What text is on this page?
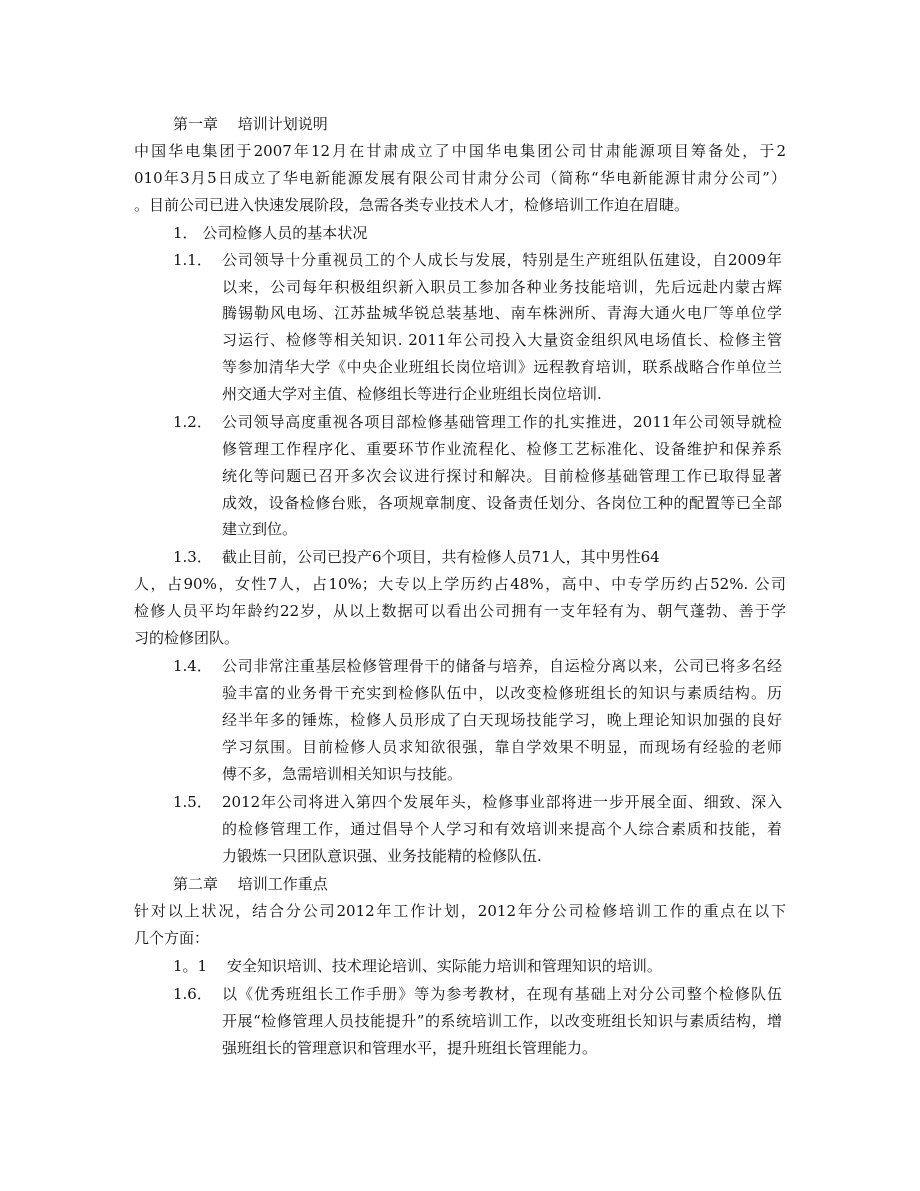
第一章　 培训计划说明
中国华电集团于2007年12月在甘肃成立了中国华电集团公司甘肃能源项目筹备处，于2
010年3月5日成立了华电新能源发展有限公司甘肃分公司（简称“华电新能源甘肃分公司”）
。目前公司已进入快速发展阶段，急需各类专业技术人才，检修培训工作迫在眉睫。
1． 公司检修人员的基本状况
1.1． 公司领导十分重视员工的个人成长与发展，特别是生产班组队伍建设，自2009年
以来，公司每年积极组织新入职员工参加各种业务技能培训，先后远赴内蒙古辉
腾锡勒风电场、江苏盐城华锐总装基地、南车株洲所、青海大通火电厂等单位学
习运行、检修等相关知识. 2011年公司投入大量资金组织风电场值长、检修主管
等参加清华大学《中央企业班组长岗位培训》远程教育培训，联系战略合作单位兰
州交通大学对主值、检修组长等进行企业班组长岗位培训.
1.2． 公司领导高度重视各项目部检修基础管理工作的扎实推进，2011年公司领导就检
修管理工作程序化、重要环节作业流程化、检修工艺标准化、设备维护和保养系
统化等问题已召开多次会议进行探讨和解决。目前检修基础管理工作已取得显著
成效，设备检修台账，各项规章制度、设备责任划分、各岗位工种的配置等已全部
建立到位。
1.3． 截止目前，公司已投产6个项目，共有检修人员71人，其中男性64
人，占90%，女性7人，占10%；大专以上学历约占48%，高中、中专学历约占52%. 公司
检修人员平均年龄约22岁，从以上数据可以看出公司拥有一支年轻有为、朝气蓬勃、善于学
习的检修团队。
1.4． 公司非常注重基层检修管理骨干的储备与培养，自运检分离以来，公司已将多名经
验丰富的业务骨干充实到检修队伍中，以改变检修班组长的知识与素质结构。历
经半年多的锤炼，检修人员形成了白天现场技能学习，晚上理论知识加强的良好
学习氛围。目前检修人员求知欲很强，靠自学效果不明显，而现场有经验的老师
傅不多，急需培训相关知识与技能。
1.5． 2012年公司将进入第四个发展年头，检修事业部将进一步开展全面、细致、深入
的检修管理工作，通过倡导个人学习和有效培训来提高个人综合素质和技能，着
力锻炼一只团队意识强、业务技能精的检修队伍.
第二章　 培训工作重点
针对以上状况，结合分公司2012年工作计划，2012年分公司检修培训工作的重点在以下
几个方面：
1。1　 安全知识培训、技术理论培训、实际能力培训和管理知识的培训。
1.6． 以《优秀班组长工作手册》等为参考教材，在现有基础上对分公司整个检修队伍
开展“检修管理人员技能提升”的系统培训工作，以改变班组长知识与素质结构，增
强班组长的管理意识和管理水平，提升班组长管理能力。
